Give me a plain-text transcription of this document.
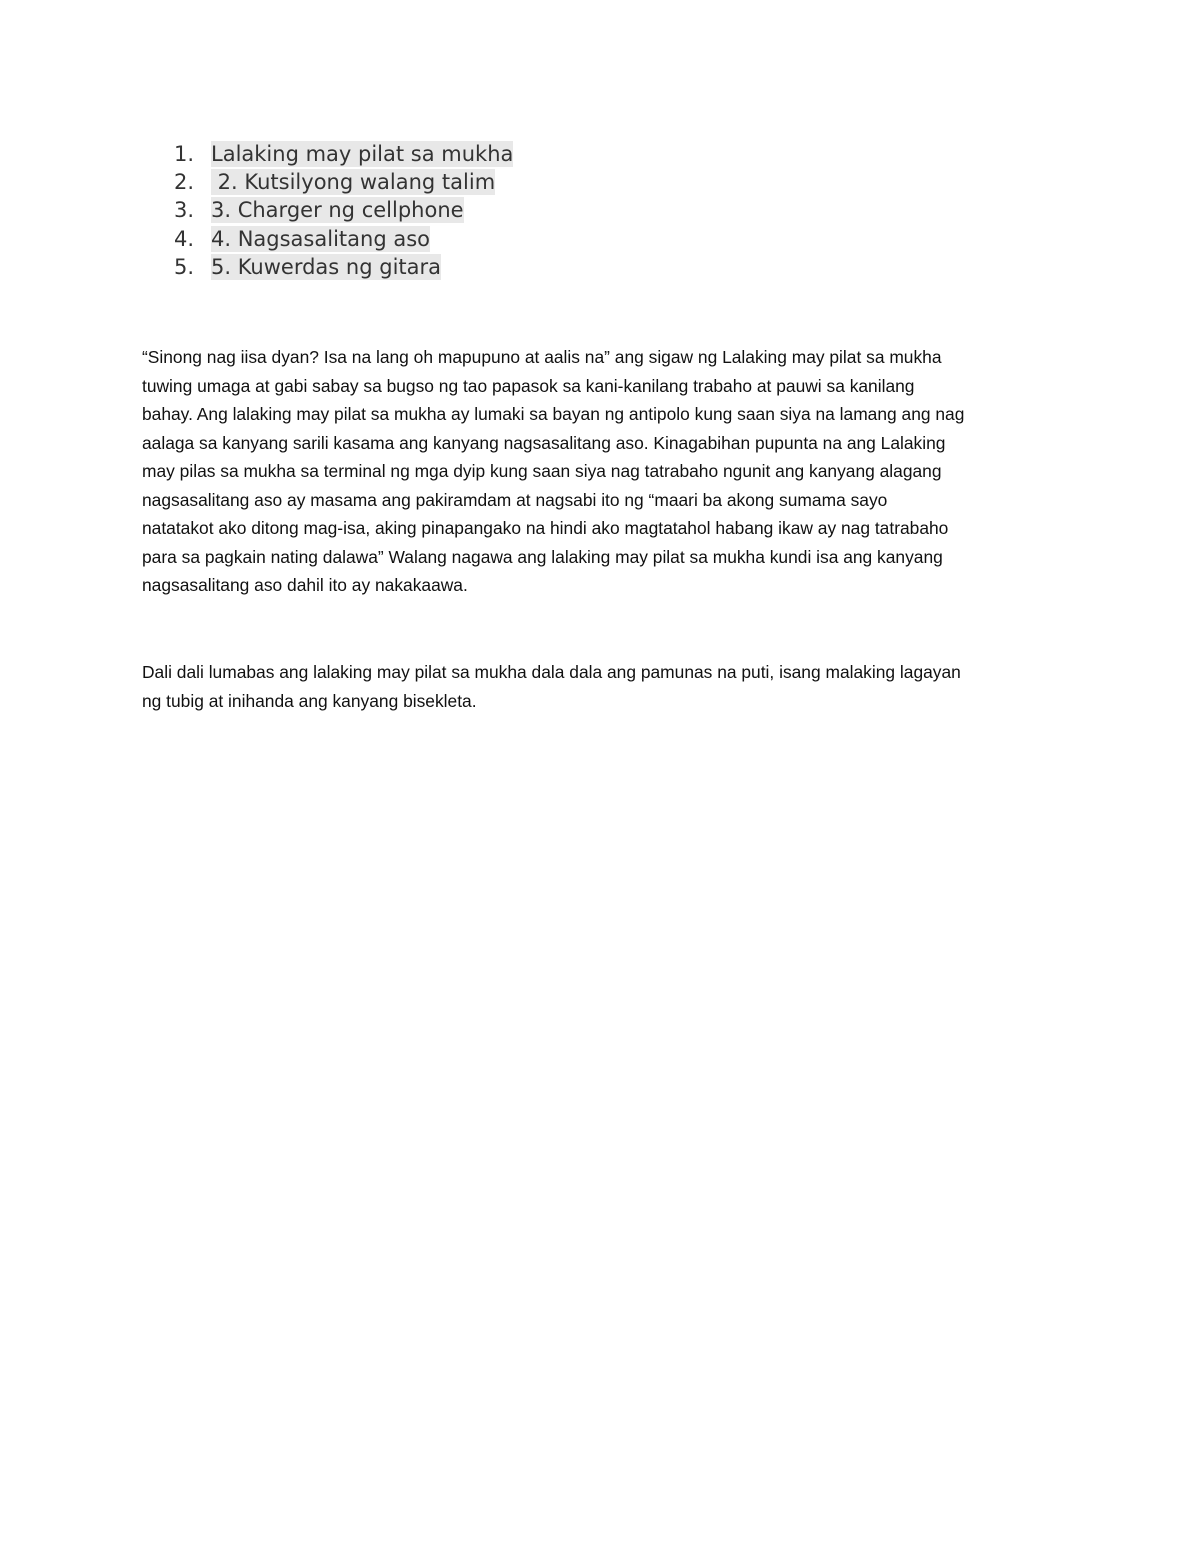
1. Lalaking may pilat sa mukha
2. 2. Kutsilyong walang talim
3. 3. Charger ng cellphone
4. 4. Nagsasalitang aso
5. 5. Kuwerdas ng gitara

“Sinong nag iisa dyan? Isa na lang oh mapupuno at aalis na” ang sigaw ng Lalaking may pilat sa mukha
tuwing umaga at gabi sabay sa bugso ng tao papasok sa kani-kanilang trabaho at pauwi sa kanilang
bahay. Ang lalaking may pilat sa mukha ay lumaki sa bayan ng antipolo kung saan siya na lamang ang nag
aalaga sa kanyang sarili kasama ang kanyang nagsasalitang aso. Kinagabihan pupunta na ang Lalaking
may pilas sa mukha sa terminal ng mga dyip kung saan siya nag tatrabaho ngunit ang kanyang alagang
nagsasalitang aso ay masama ang pakiramdam at nagsabi ito ng “maari ba akong sumama sayo
natatakot ako ditong mag-isa, aking pinapangako na hindi ako magtatahol habang ikaw ay nag tatrabaho
para sa pagkain nating dalawa” Walang nagawa ang lalaking may pilat sa mukha kundi isa ang kanyang
nagsasalitang aso dahil ito ay nakakaawa.

Dali dali lumabas ang lalaking may pilat sa mukha dala dala ang pamunas na puti, isang malaking lagayan
ng tubig at inihanda ang kanyang bisekleta.
